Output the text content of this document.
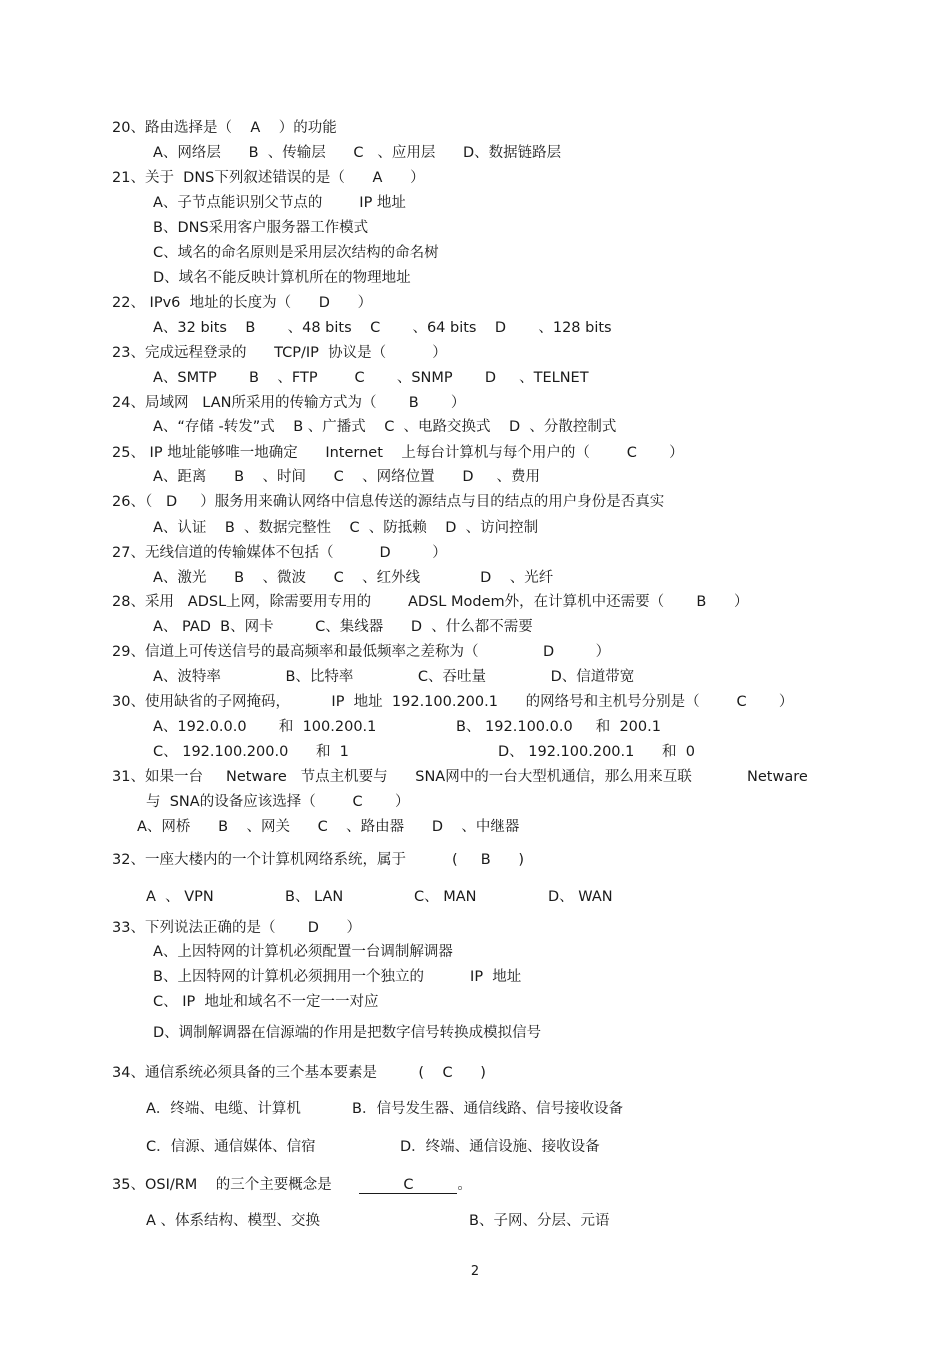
20、路由选择是（    A    ）的功能
A、网络层      B  、传输层      C   、应用层      D、数据链路层
21、关于  DNS下列叙述错误的是（      A      ）
A、子节点能识别父节点的        IP 地址
B、DNS采用客户服务器工作模式
C、域名的命名原则是采用层次结构的命名树
D、域名不能反映计算机所在的物理地址
22、 IPv6  地址的长度为（      D      ）
A、32 bits    B       、48 bits    C       、64 bits    D       、128 bits
23、完成远程登录的      TCP/IP  协议是（          ）
A、SMTP       B    、FTP        C       、SNMP       D     、TELNET
24、局域网   LAN所采用的传输方式为（       B       ）
A、“存储 -转发”式    B 、广播式    C  、电路交换式    D  、分散控制式
25、 IP 地址能够唯一地确定      Internet    上每台计算机与每个用户的（        C       ）
A、距离      B    、时间      C    、网络位置      D     、费用
26、（   D     ）服务用来确认网络中信息传送的源结点与目的结点的用户身份是否真实
A、认证    B  、数据完整性    C  、防抵赖    D  、访问控制
27、无线信道的传输媒体不包括（          D         ）
A、激光      B    、微波      C    、红外线             D    、光纤
28、采用   ADSL上网，除需要用专用的        ADSL Modem外，在计算机中还需要（       B      ）
A、 PAD  B、网卡         C、集线器      D  、什么都不需要
29、信道上可传送信号的最高频率和最低频率之差称为（              D         ）
A、波特率              B、比特率              C、吞吐量              D、信道带宽
30、使用缺省的子网掩码，         IP  地址  192.100.200.1      的网络号和主机号分别是（        C       ）
A、192.0.0.0       和  100.200.1	B、 192.100.0.0     和  200.1
C、 192.100.200.0      和  1	D、 192.100.200.1      和  0
31、如果一台     Netware   节点主机要与      SNA网中的一台大型机通信，那么用来互联            Netware
与  SNA的设备应该选择（        C       ）
A、网桥      B    、网关      C    、路由器      D    、中继器
32、一座大楼内的一个计算机网络系统，属于          (     B      )
A  、 VPN	B、 LAN	C、 MAN	D、 WAN
33、下列说法正确的是（       D      ）
A、上因特网的计算机必须配置一台调制解调器
B、上因特网的计算机必须拥用一个独立的          IP  地址
C、 IP  地址和域名不一定一一对应
D、调制解调器在信源端的作用是把数字信号转换成模拟信号
34、通信系统必须具备的三个基本要素是         (    C      )
A．终端、电缆、计算机	B．信号发生器、通信线路、信号接收设备
C．信源、通信媒体、信宿	D．终端、通信设施、接收设备
35、OSI/RM    的三个主要概念是	C	。
A 、体系结构、模型、交换	B、子网、分层、元语
2
